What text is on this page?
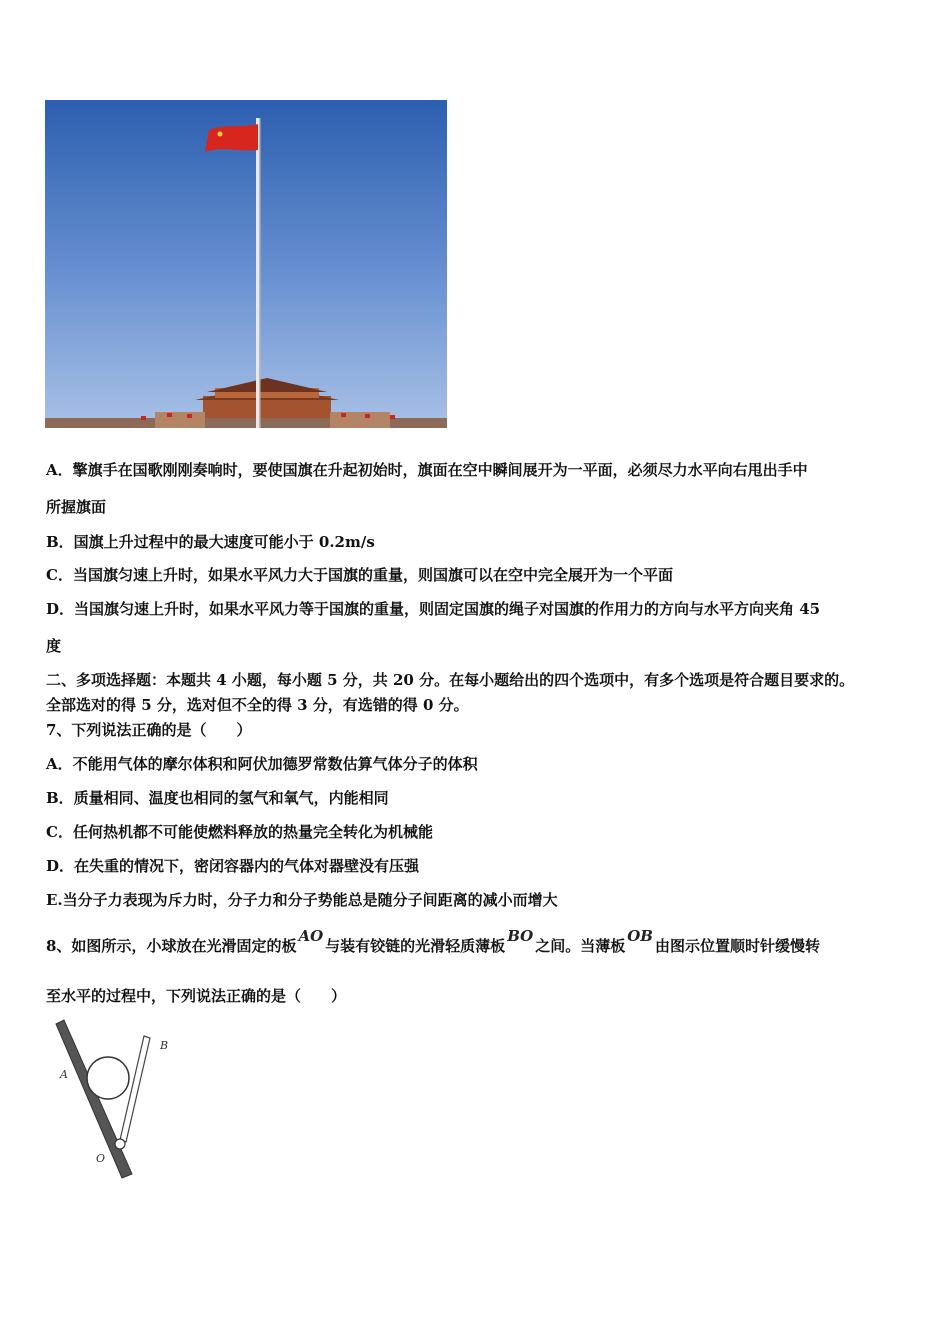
A．擎旗手在国歌刚刚奏响时，要使国旗在升起初始时，旗面在空中瞬间展开为一平面，必须尽力水平向右甩出手中
所握旗面
B．国旗上升过程中的最大速度可能小于 0.2m/s
C．当国旗匀速上升时，如果水平风力大于国旗的重量，则国旗可以在空中完全展开为一个平面
D．当国旗匀速上升时，如果水平风力等于国旗的重量，则固定国旗的绳子对国旗的作用力的方向与水平方向夹角 45
度
二、多项选择题：本题共 4 小题，每小题 5 分，共 20 分。在每小题给出的四个选项中，有多个选项是符合题目要求的。
全部选对的得 5 分，选对但不全的得 3 分，有选错的得 0 分。
7、下列说法正确的是（　　）
A．不能用气体的摩尔体积和阿伏加德罗常数估算气体分子的体积
B．质量相同、温度也相同的氢气和氧气，内能相同
C．任何热机都不可能使燃料释放的热量完全转化为机械能
D．在失重的情况下，密闭容器内的气体对器壁没有压强
E.当分子力表现为斥力时，分子力和分子势能总是随分子间距离的减小而增大
8、如图所示，小球放在光滑固定的板AO与装有铰链的光滑轻质薄板BO之间。当薄板OB由图示位置顺时针缓慢转
至水平的过程中，下列说法正确的是（　　）
A
B
O
